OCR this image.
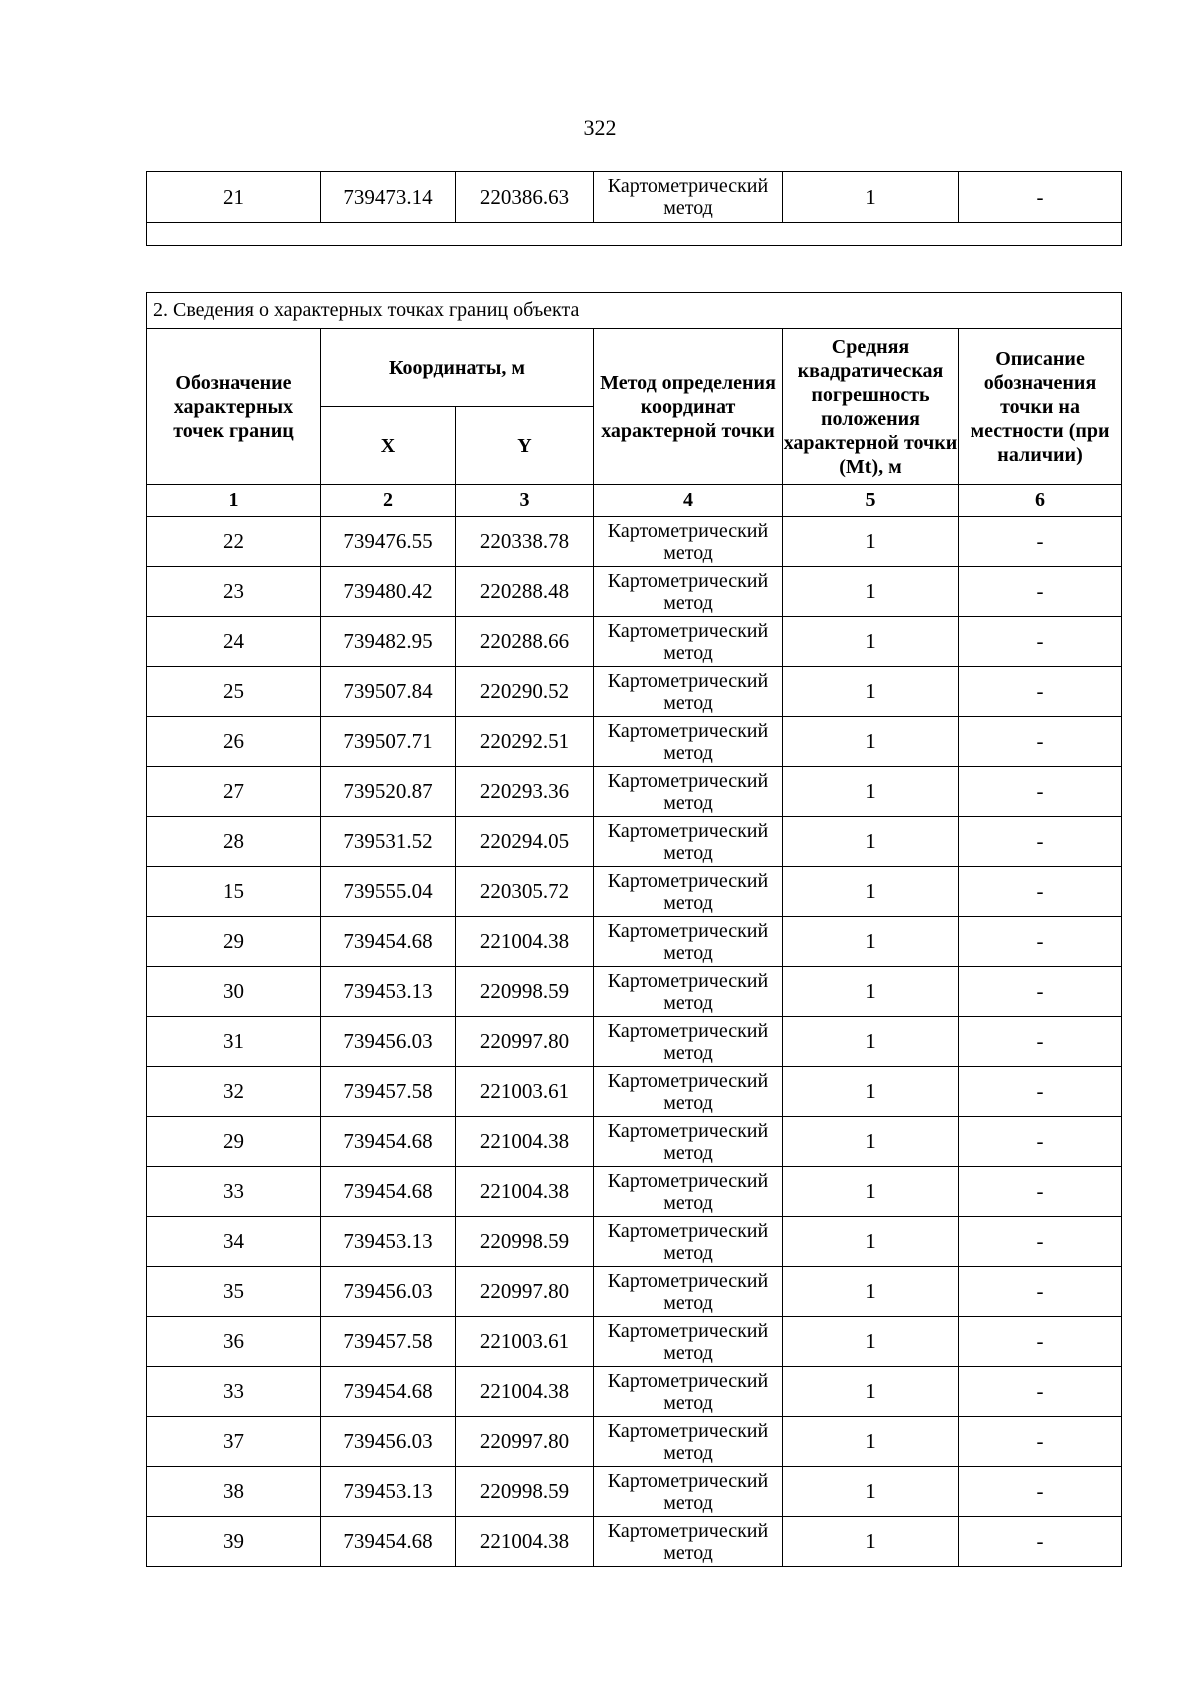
322
21	739473.14	220386.63	Картометрический метод	1	-

2. Сведения о характерных точках границ объекта					
Обозначение характерных точек границ	Координаты, м		Метод определения координат характерной точки	Средняя квадратическая погрешность положения характерной точки (Mt), м	Описание обозначения точки на местности (при наличии)
	X	Y			
1	2	3	4	5	6
22	739476.55	220338.78	Картометрический метод	1	-
23	739480.42	220288.48	Картометрический метод	1	-
24	739482.95	220288.66	Картометрический метод	1	-
25	739507.84	220290.52	Картометрический метод	1	-
26	739507.71	220292.51	Картометрический метод	1	-
27	739520.87	220293.36	Картометрический метод	1	-
28	739531.52	220294.05	Картометрический метод	1	-
15	739555.04	220305.72	Картометрический метод	1	-
29	739454.68	221004.38	Картометрический метод	1	-
30	739453.13	220998.59	Картометрический метод	1	-
31	739456.03	220997.80	Картометрический метод	1	-
32	739457.58	221003.61	Картометрический метод	1	-
29	739454.68	221004.38	Картометрический метод	1	-
33	739454.68	221004.38	Картометрический метод	1	-
34	739453.13	220998.59	Картометрический метод	1	-
35	739456.03	220997.80	Картометрический метод	1	-
36	739457.58	221003.61	Картометрический метод	1	-
33	739454.68	221004.38	Картометрический метод	1	-
37	739456.03	220997.80	Картометрический метод	1	-
38	739453.13	220998.59	Картометрический метод	1	-
39	739454.68	221004.38	Картометрический метод	1	-
